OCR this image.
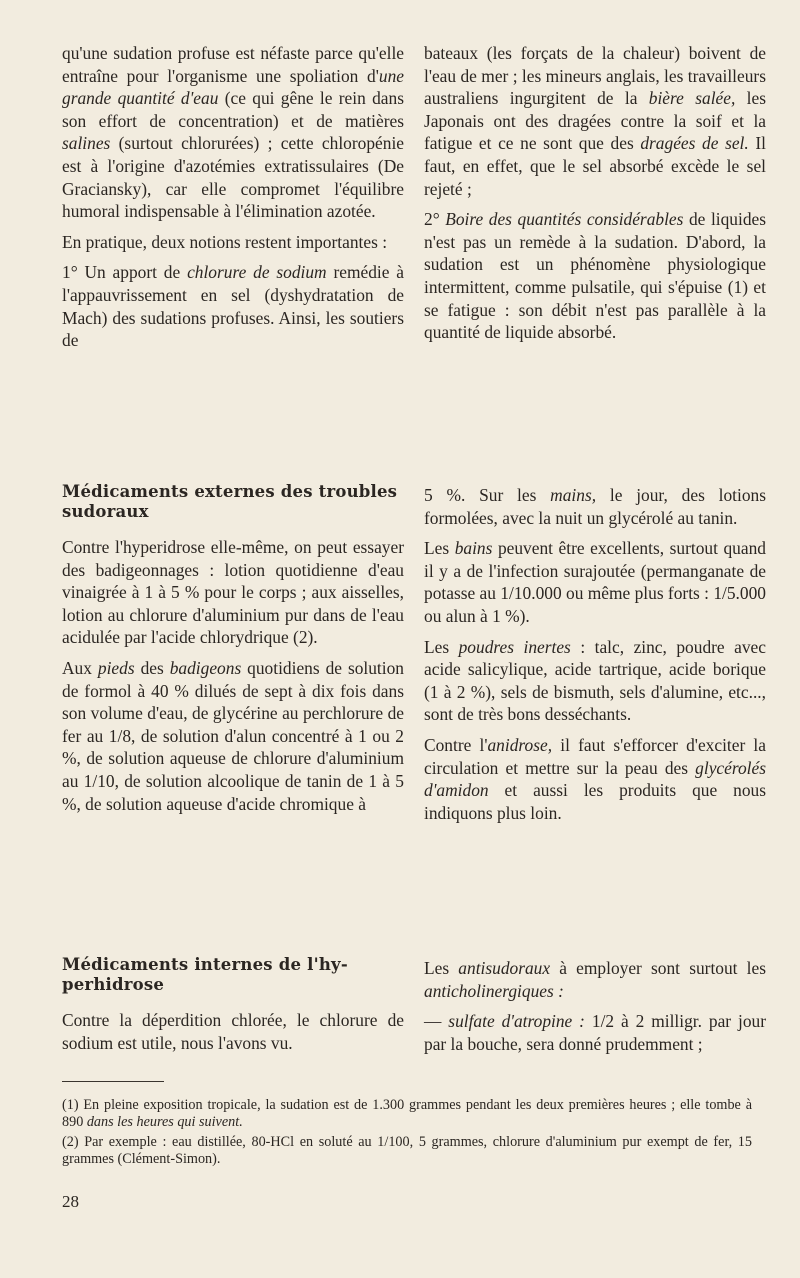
qu'une sudation profuse est néfaste parce qu'elle entraîne pour l'organisme une spoliation d'une grande quantité d'eau (ce qui gêne le rein dans son effort de concentration) et de matières salines (surtout chlorurées) ; cette chloropénie est à l'origine d'azotémies extratissulaires (De Graciansky), car elle compromet l'équilibre humoral indispensable à l'élimination azotée.

En pratique, deux notions restent importantes :

1° Un apport de chlorure de sodium remédie à l'appauvrissement en sel (dyshydratation de Mach) des sudations profuses. Ainsi, les soutiers de

bateaux (les forçats de la chaleur) boivent de l'eau de mer ; les mineurs anglais, les travailleurs australiens ingurgitent de la bière salée, les Japonais ont des dragées contre la soif et la fatigue et ce ne sont que des dragées de sel. Il faut, en effet, que le sel absorbé excède le sel rejeté ;

2° Boire des quantités considérables de liquides n'est pas un remède à la sudation. D'abord, la sudation est un phénomène physiologique intermittent, comme pulsatile, qui s'épuise (1) et se fatigue : son débit n'est pas parallèle à la quantité de liquide absorbé.

Médicaments externes des troubles sudoraux

Contre l'hyperidrose elle-même, on peut essayer des badigeonnages : lotion quotidienne d'eau vinaigrée à 1 à 5 % pour le corps ; aux aisselles, lotion au chlorure d'aluminium pur dans de l'eau acidulée par l'acide chlorydrique (2).

Aux pieds des badigeons quotidiens de solution de formol à 40 % dilués de sept à dix fois dans son volume d'eau, de glycérine au perchlorure de fer au 1/8, de solution d'alun concentré à 1 ou 2 %, de solution aqueuse de chlorure d'aluminium au 1/10, de solution alcoolique de tanin de 1 à 5 %, de solution aqueuse d'acide chromique à

5 %. Sur les mains, le jour, des lotions formolées, avec la nuit un glycérolé au tanin.

Les bains peuvent être excellents, surtout quand il y a de l'infection surajoutée (permanganate de potasse au 1/10.000 ou même plus forts : 1/5.000 ou alun à 1 %).

Les poudres inertes : talc, zinc, poudre avec acide salicylique, acide tartrique, acide borique (1 à 2 %), sels de bismuth, sels d'alumine, etc..., sont de très bons desséchants.

Contre l'anidrose, il faut s'efforcer d'exciter la circulation et mettre sur la peau des glycérolés d'amidon et aussi les produits que nous indiquons plus loin.

Médicaments internes de l'hyperhidrose

Contre la déperdition chlorée, le chlorure de sodium est utile, nous l'avons vu.

Les antisudoraux à employer sont surtout les anticholinergiques :

— sulfate d'atropine : 1/2 à 2 milligr. par jour par la bouche, sera donné prudemment ;

(1) En pleine exposition tropicale, la sudation est de 1.300 grammes pendant les deux premières heures ; elle tombe à 890 dans les heures qui suivent.

(2) Par exemple : eau distillée, 80-HCl en soluté au 1/100, 5 grammes, chlorure d'aluminium pur exempt de fer, 15 grammes (Clément-Simon).

28
